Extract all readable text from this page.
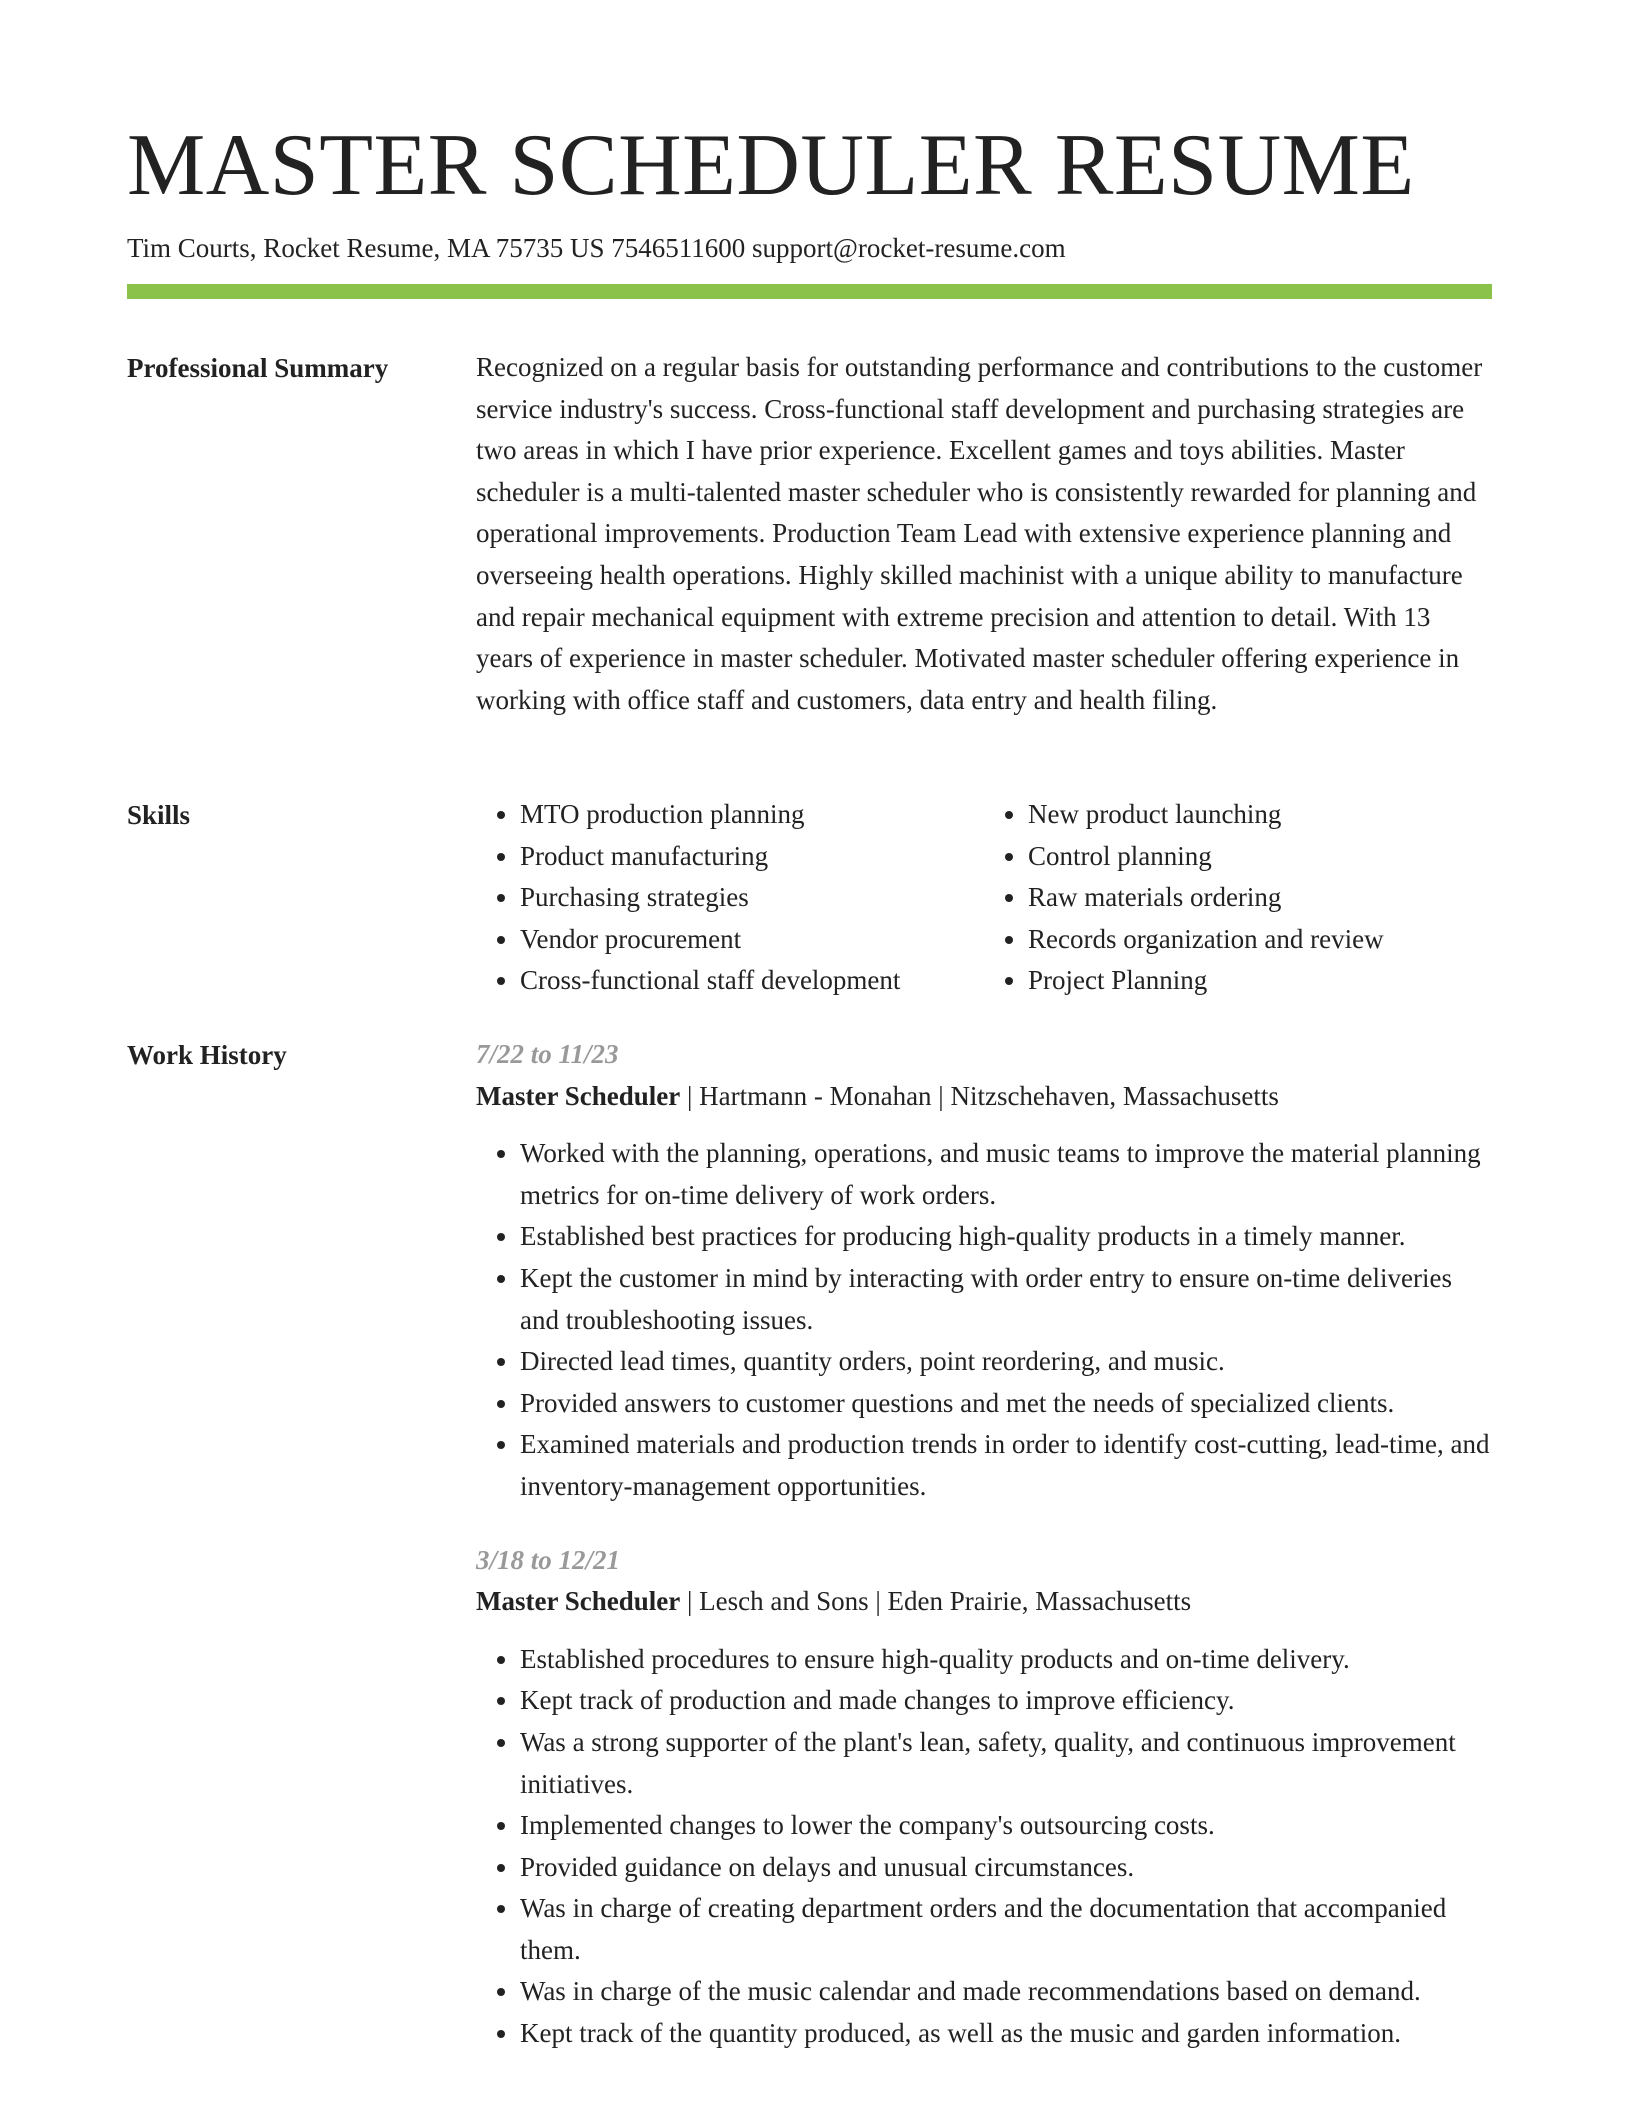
MASTER SCHEDULER RESUME
Tim Courts, Rocket Resume, MA 75735 US 7546511600 support@rocket-resume.com
Professional Summary	Recognized on a regular basis for outstanding performance and contributions to the customer service industry's success. Cross-functional staff development and purchasing strategies are two areas in which I have prior experience. Excellent games and toys abilities. Master scheduler is a multi-talented master scheduler who is consistently rewarded for planning and operational improvements. Production Team Lead with extensive experience planning and overseeing health operations. Highly skilled machinist with a unique ability to manufacture and repair mechanical equipment with extreme precision and attention to detail. With 13 years of experience in master scheduler. Motivated master scheduler offering experience in working with office staff and customers, data entry and health filing.

Skills
•	MTO production planning
• Product manufacturing
• Purchasing strategies
• Vendor procurement
• Cross-functional staff development
• New product launching
• Control planning
• Raw materials ordering
• Records organization and review
• Project Planning
Work History	7/22 to 11/23
Master Scheduler | Hartmann - Monahan | Nitzschehaven, Massachusetts
• Worked with the planning, operations, and music teams to improve the material planning metrics for on-time delivery of work orders.
• Established best practices for producing high-quality products in a timely manner.
• Kept the customer in mind by interacting with order entry to ensure on-time deliveries and troubleshooting issues.
• Directed lead times, quantity orders, point reordering, and music.
• Provided answers to customer questions and met the needs of specialized clients.
• Examined materials and production trends in order to identify cost-cutting, lead-time, and inventory-management opportunities.
3/18 to 12/21
Master Scheduler | Lesch and Sons | Eden Prairie, Massachusetts
• Established procedures to ensure high-quality products and on-time delivery.
• Kept track of production and made changes to improve efficiency.
• Was a strong supporter of the plant's lean, safety, quality, and continuous improvement initiatives.
• Implemented changes to lower the company's outsourcing costs.
• Provided guidance on delays and unusual circumstances.
• Was in charge of creating department orders and the documentation that accompanied them.
• Was in charge of the music calendar and made recommendations based on demand.
• Kept track of the quantity produced, as well as the music and garden information.
